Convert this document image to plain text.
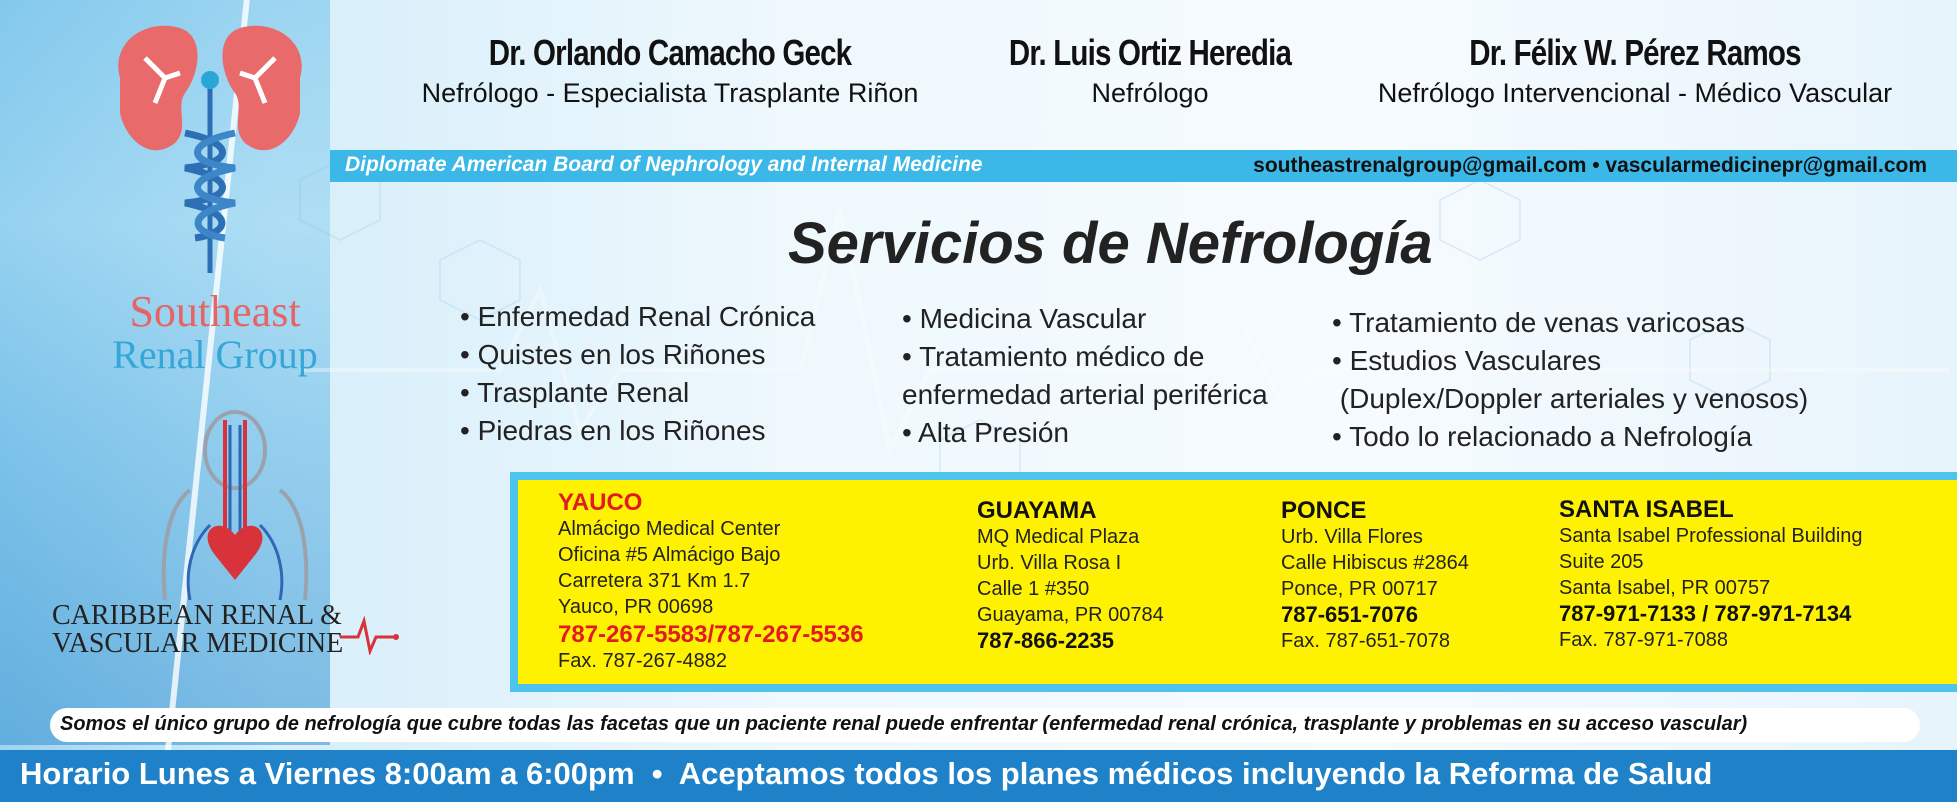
Southeast
Renal Group
CARIBBEAN RENAL &
VASCULAR MEDICINE
Dr. Orlando Camacho Geck
Nefrólogo - Especialista Trasplante Riñon
Dr. Luis Ortiz Heredia
Nefrólogo
Dr. Félix W. Pérez Ramos
Nefrólogo Intervencional - Médico Vascular
Diplomate American Board of Nephrology and Internal Medicine	southeastrenalgroup@gmail.com • vascularmedicinepr@gmail.com
Servicios de Nefrología
• Enfermedad Renal Crónica
• Quistes en los Riñones
• Trasplante Renal
• Piedras en los Riñones
• Medicina Vascular
• Tratamiento médico de
enfermedad arterial periférica
• Alta Presión
• Tratamiento de venas varicosas
• Estudios Vasculares
(Duplex/Doppler arteriales y venosos)
• Todo lo relacionado a Nefrología
YAUCO
Almácigo Medical Center
Oficina #5 Almácigo Bajo
Carretera 371 Km 1.7
Yauco, PR 00698
787-267-5583/787-267-5536
Fax. 787-267-4882
GUAYAMA
MQ Medical Plaza
Urb. Villa Rosa I
Calle 1 #350
Guayama, PR 00784
787-866-2235
PONCE
Urb. Villa Flores
Calle Hibiscus #2864
Ponce, PR 00717
787-651-7076
Fax. 787-651-7078
SANTA ISABEL
Santa Isabel Professional Building
Suite 205
Santa Isabel, PR 00757
787-971-7133 / 787-971-7134
Fax. 787-971-7088
Somos el único grupo de nefrología que cubre todas las facetas que un paciente renal puede enfrentar (enfermedad renal crónica, trasplante y problemas en su acceso vascular)
Horario Lunes a Viernes 8:00am a 6:00pm  •  Aceptamos todos los planes médicos incluyendo la Reforma de Salud
